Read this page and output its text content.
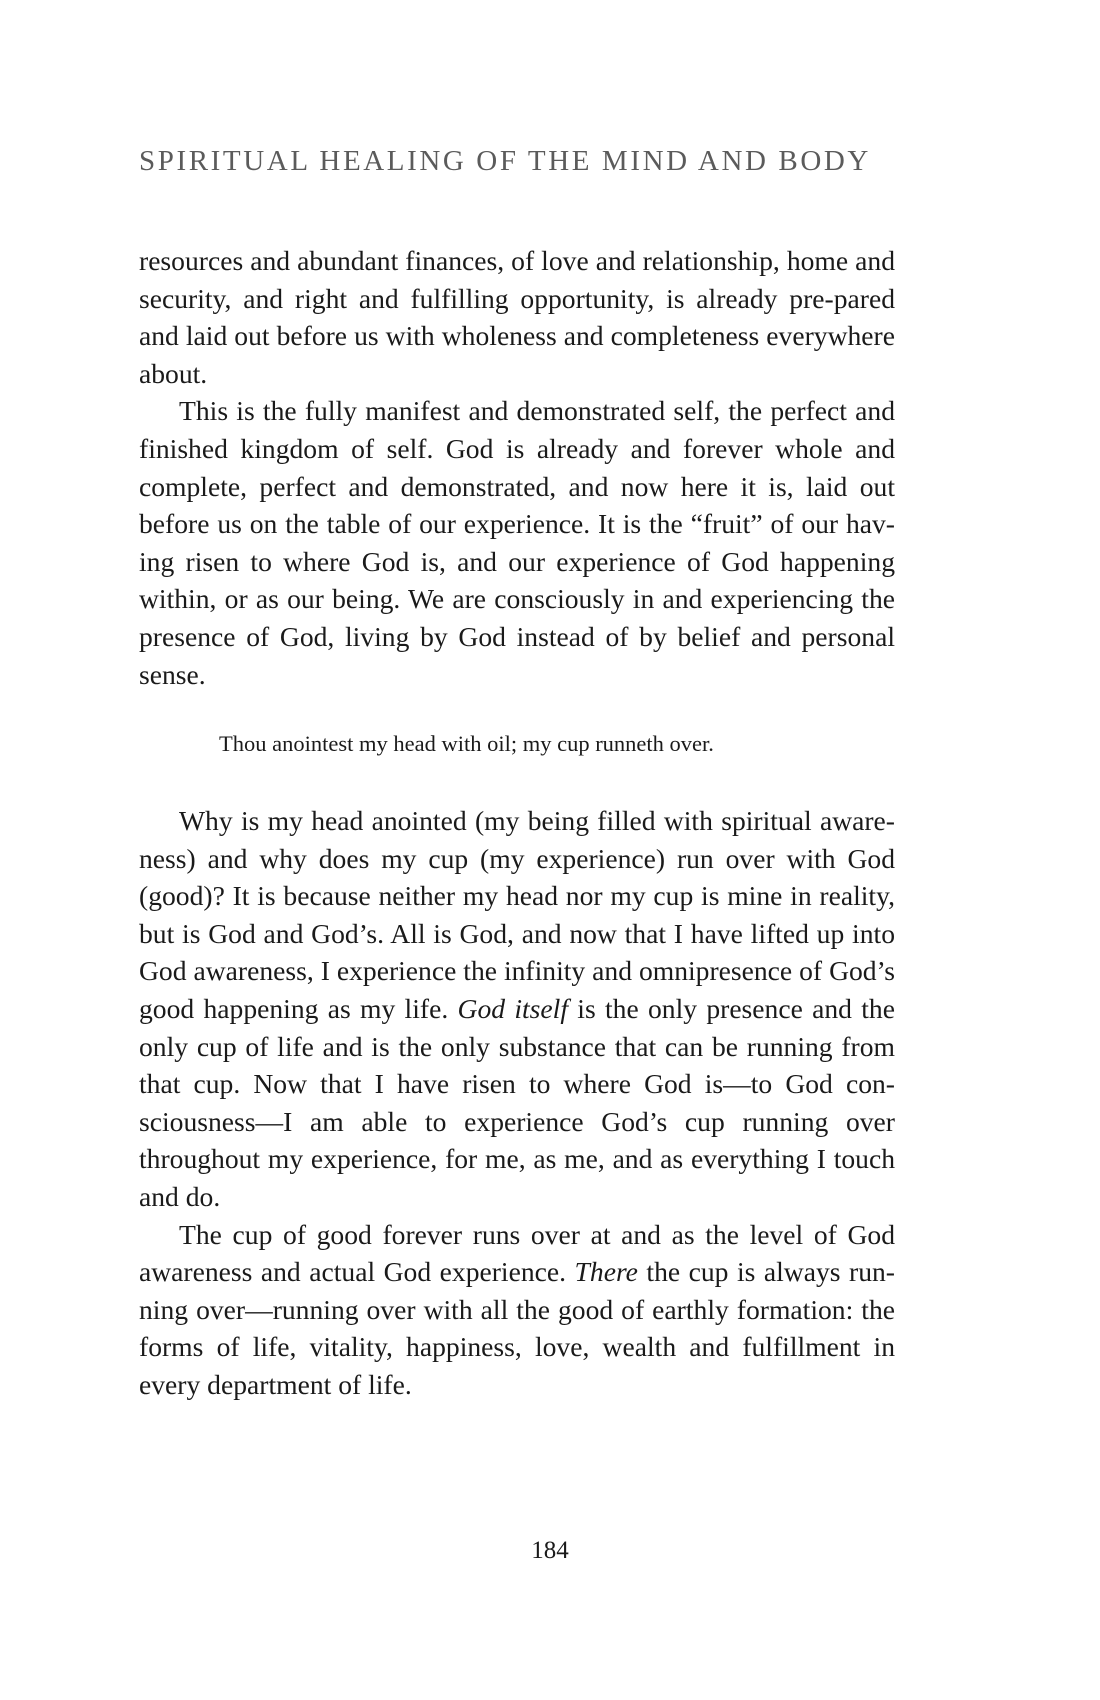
SPIRITUAL HEALING OF THE MIND AND BODY

resources and abundant finances, of love and relationship, home and security, and right and fulfilling opportunity, is already pre-pared and laid out before us with wholeness and completeness everywhere about.

This is the fully manifest and demonstrated self, the perfect and finished kingdom of self. God is already and forever whole and complete, perfect and demonstrated, and now here it is, laid out before us on the table of our experience. It is the “fruit” of our hav-ing risen to where God is, and our experience of God happening within, or as our being. We are consciously in and experiencing the presence of God, living by God instead of by belief and personal sense.

Thou anointest my head with oil; my cup runneth over.

Why is my head anointed (my being filled with spiritual aware-ness) and why does my cup (my experience) run over with God (good)? It is because neither my head nor my cup is mine in reality, but is God and God’s. All is God, and now that I have lifted up into God awareness, I experience the infinity and omnipresence of God’s good happening as my life. God itself is the only presence and the only cup of life and is the only substance that can be running from that cup. Now that I have risen to where God is—to God con-sciousness—I am able to experience God’s cup running over throughout my experience, for me, as me, and as everything I touch and do.

The cup of good forever runs over at and as the level of God awareness and actual God experience. There the cup is always run-ning over—running over with all the good of earthly formation: the forms of life, vitality, happiness, love, wealth and fulfillment in every department of life.

184
